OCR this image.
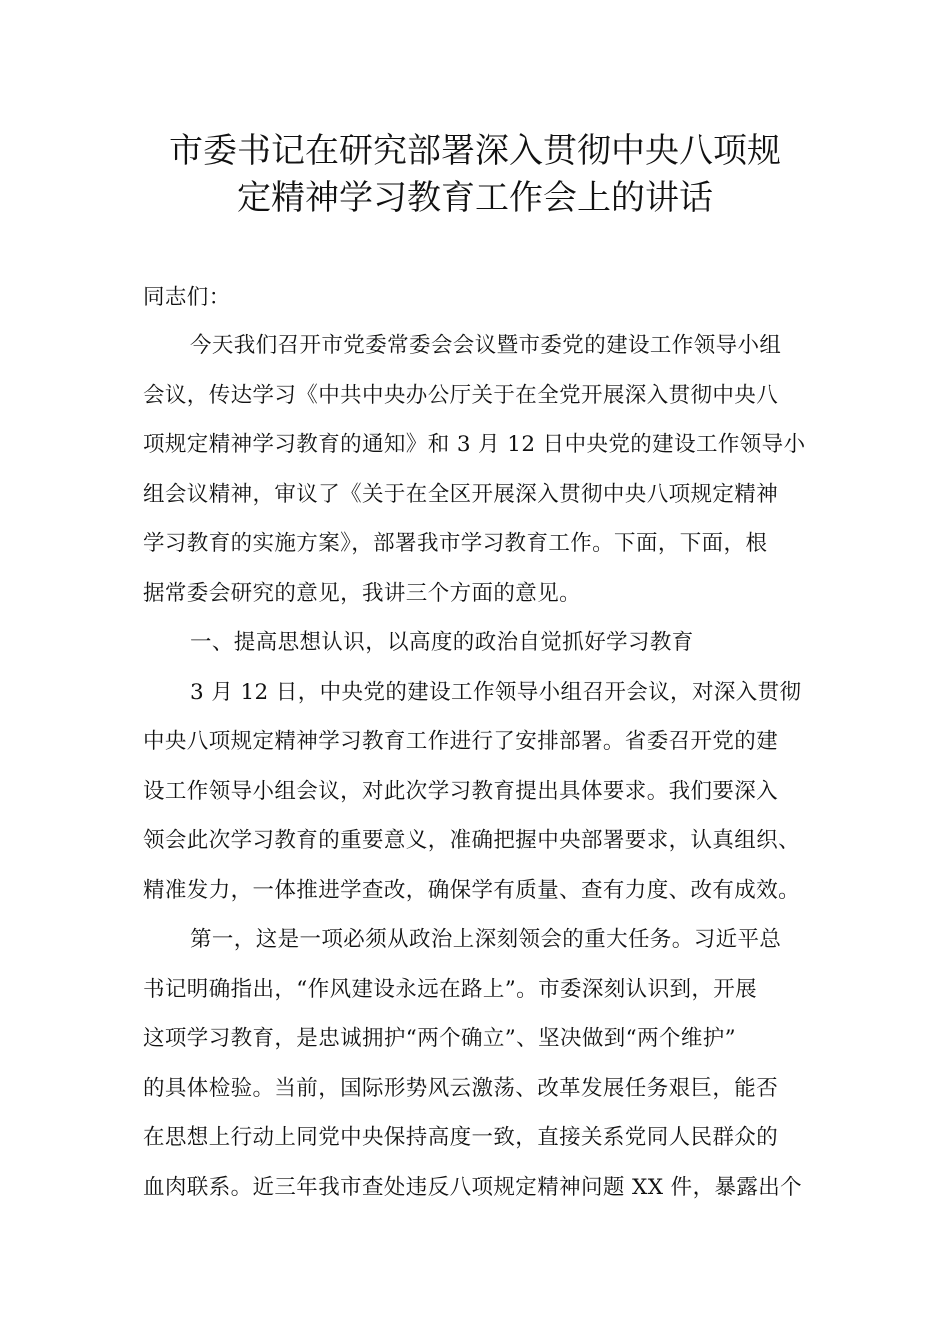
市委书记在研究部署深入贯彻中央八项规
定精神学习教育工作会上的讲话
同志们：
今天我们召开市党委常委会会议暨市委党的建设工作领导小组
会议，传达学习《中共中央办公厅关于在全党开展深入贯彻中央八
项规定精神学习教育的通知》和 3 月 12 日中央党的建设工作领导小
组会议精神，审议了《关于在全区开展深入贯彻中央八项规定精神
学习教育的实施方案》，部署我市学习教育工作。下面，下面，根
据常委会研究的意见，我讲三个方面的意见。
一、提高思想认识，以高度的政治自觉抓好学习教育
3 月 12 日，中央党的建设工作领导小组召开会议，对深入贯彻
中央八项规定精神学习教育工作进行了安排部署。省委召开党的建
设工作领导小组会议，对此次学习教育提出具体要求。我们要深入
领会此次学习教育的重要意义，准确把握中央部署要求，认真组织、
精准发力，一体推进学查改，确保学有质量、查有力度、改有成效。
第一，这是一项必须从政治上深刻领会的重大任务。习近平总
书记明确指出，“作风建设永远在路上”。市委深刻认识到，开展
这项学习教育，是忠诚拥护“两个确立”、坚决做到“两个维护”
的具体检验。当前，国际形势风云激荡、改革发展任务艰巨，能否
在思想上行动上同党中央保持高度一致，直接关系党同人民群众的
血肉联系。近三年我市查处违反八项规定精神问题 XX 件，暴露出个
